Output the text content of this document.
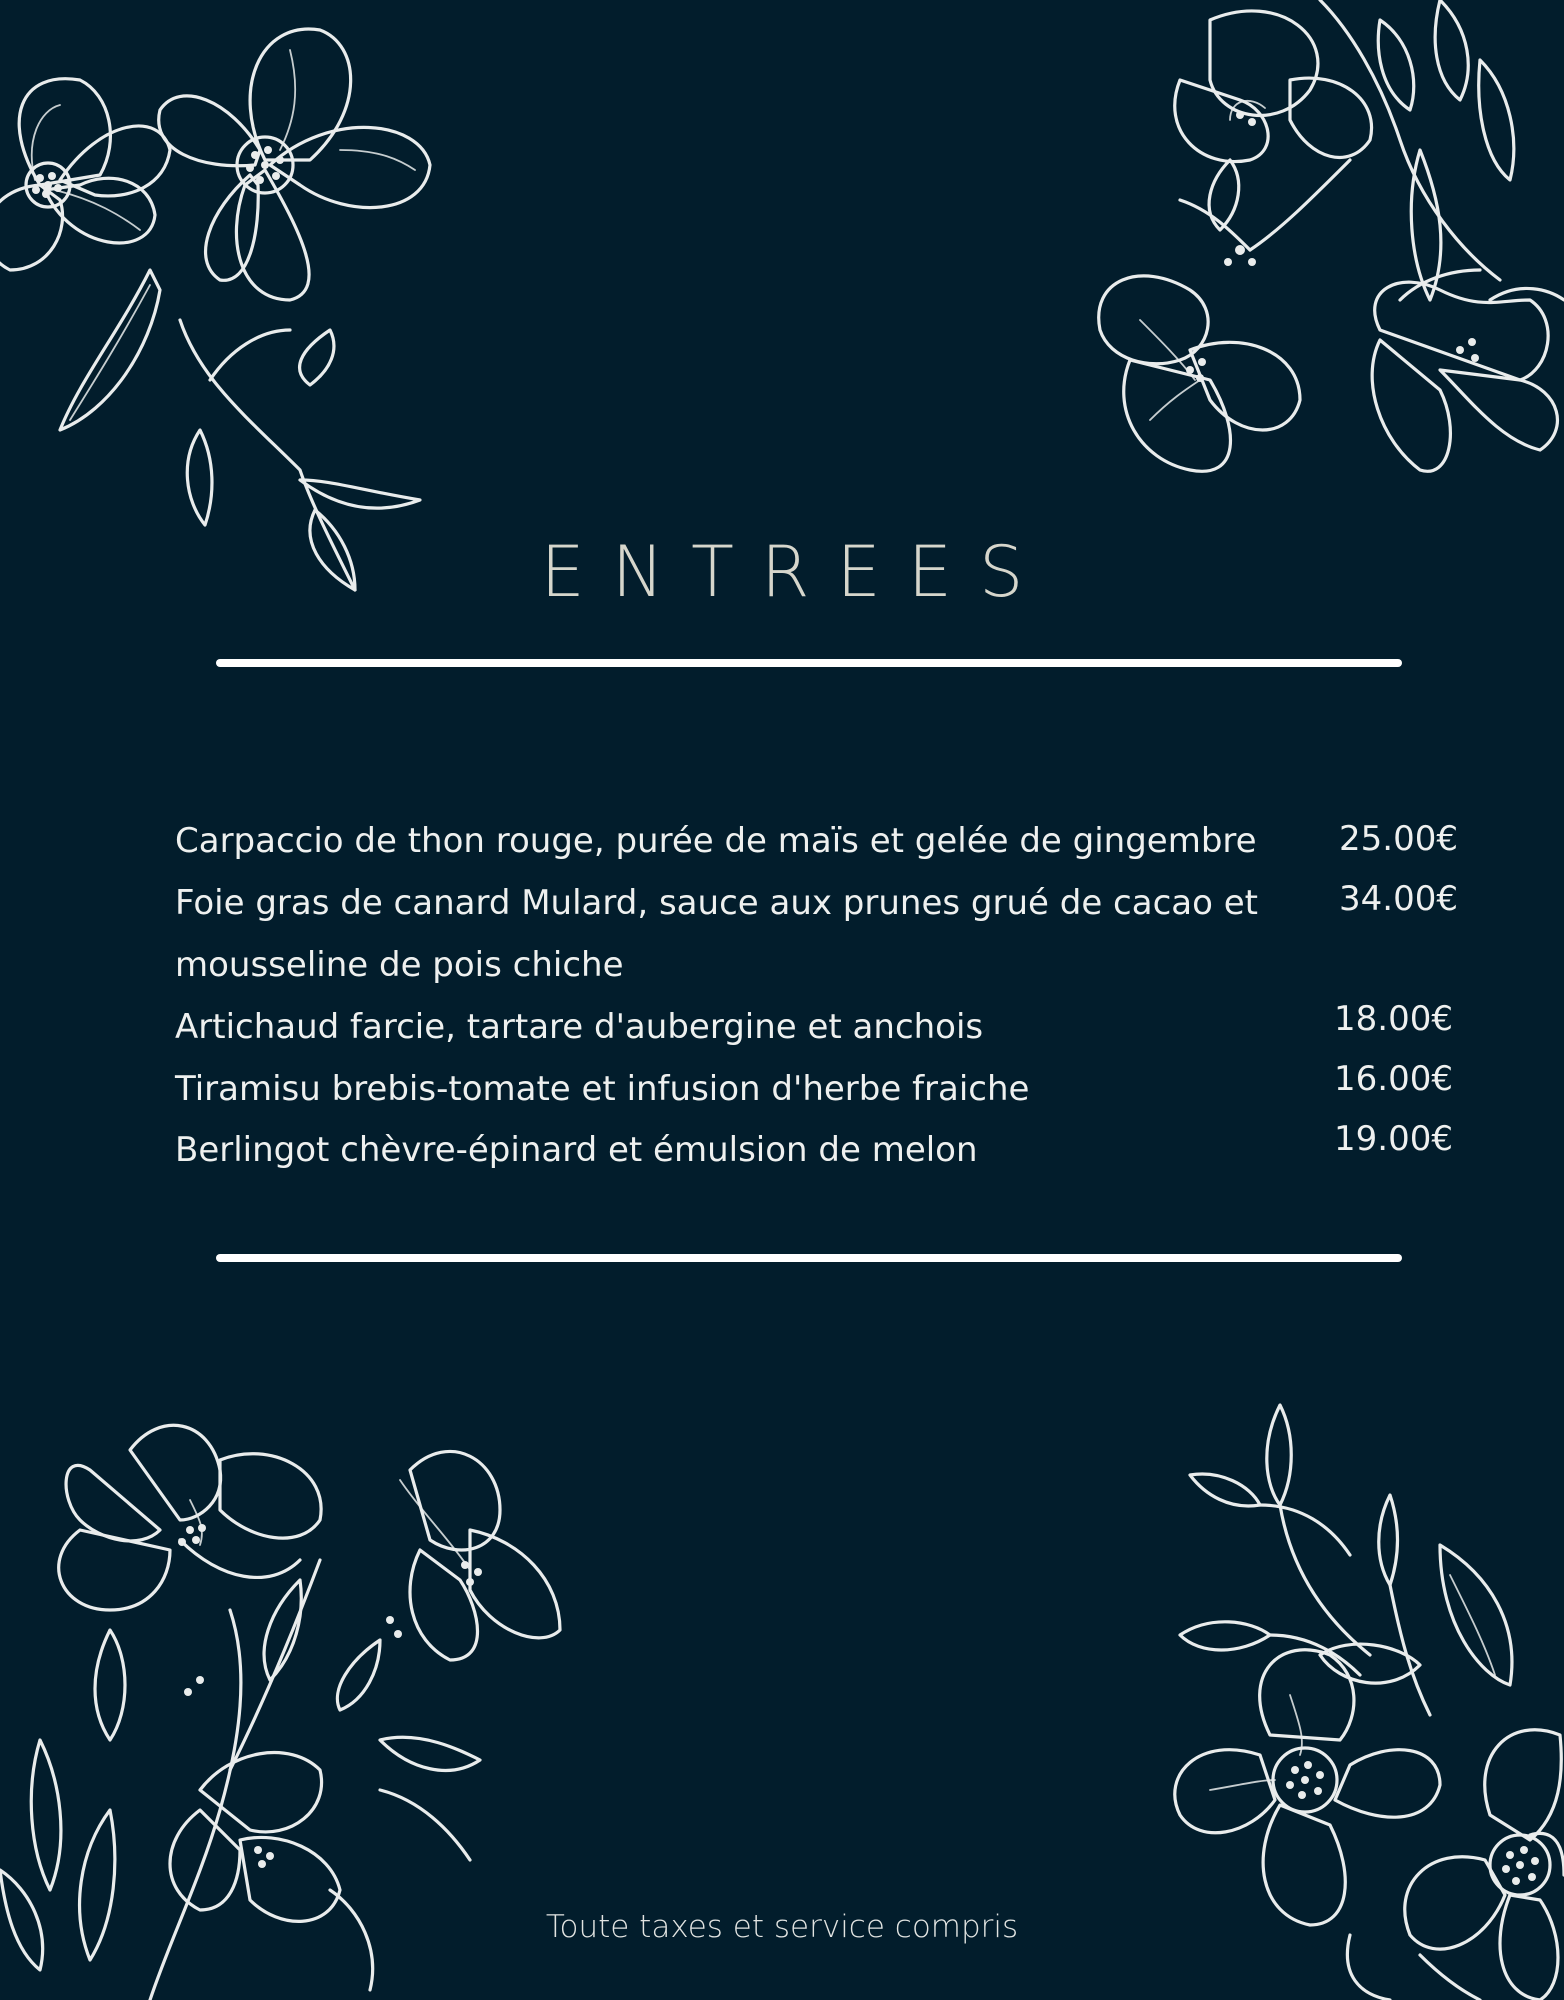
ENTREES
Carpaccio de thon rouge, purée de maïs et gelée de gingembre	25.00€
Foie gras de canard Mulard, sauce aux prunes grué de cacao et
mousseline de pois chiche
34.00€
Artichaud farcie, tartare d'aubergine et anchois	18.00€
Tiramisu brebis-tomate et infusion d'herbe fraiche	16.00€
Berlingot chèvre-épinard et émulsion de melon	19.00€
Toute taxes et service compris
